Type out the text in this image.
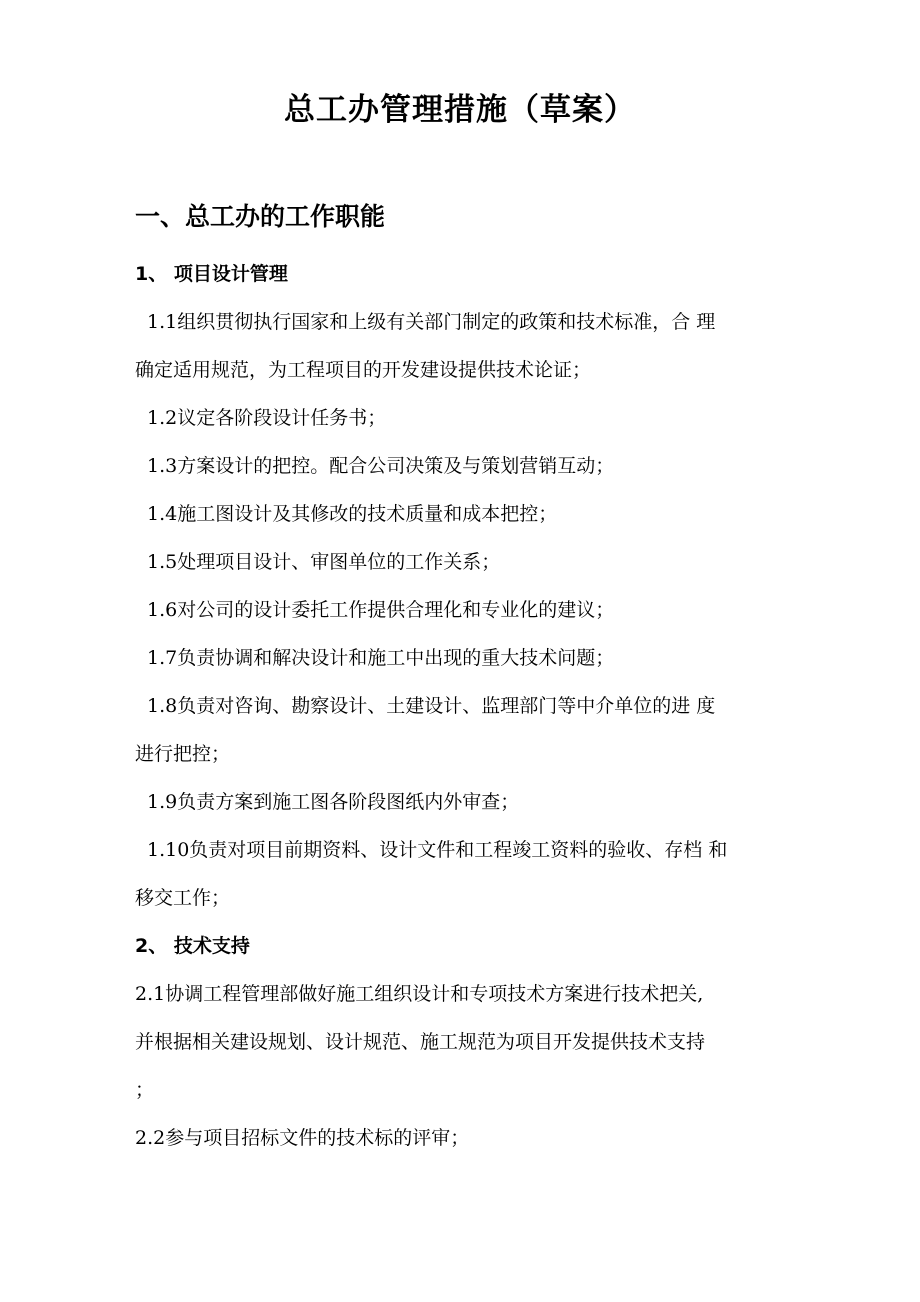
总工办管理措施（草案）
一、总工办的工作职能
1、 项目设计管理
1.1组织贯彻执行国家和上级有关部门制定的政策和技术标准，合 理
确定适用规范，为工程项目的开发建设提供技术论证；
1.2议定各阶段设计任务书；
1.3方案设计的把控。配合公司决策及与策划营销互动；
1.4施工图设计及其修改的技术质量和成本把控；
1.5处理项目设计、审图单位的工作关系；
1.6对公司的设计委托工作提供合理化和专业化的建议；
1.7负责协调和解决设计和施工中出现的重大技术问题；
1.8负责对咨询、勘察设计、土建设计、监理部门等中介单位的进 度
进行把控；
1.9负责方案到施工图各阶段图纸内外审查；
1.10负责对项目前期资料、设计文件和工程竣工资料的验收、存档 和
移交工作；
2、 技术支持
2.1协调工程管理部做好施工组织设计和专项技术方案进行技术把关,
并根据相关建设规划、设计规范、施工规范为项目开发提供技术支持
；
2.2参与项目招标文件的技术标的评审；
